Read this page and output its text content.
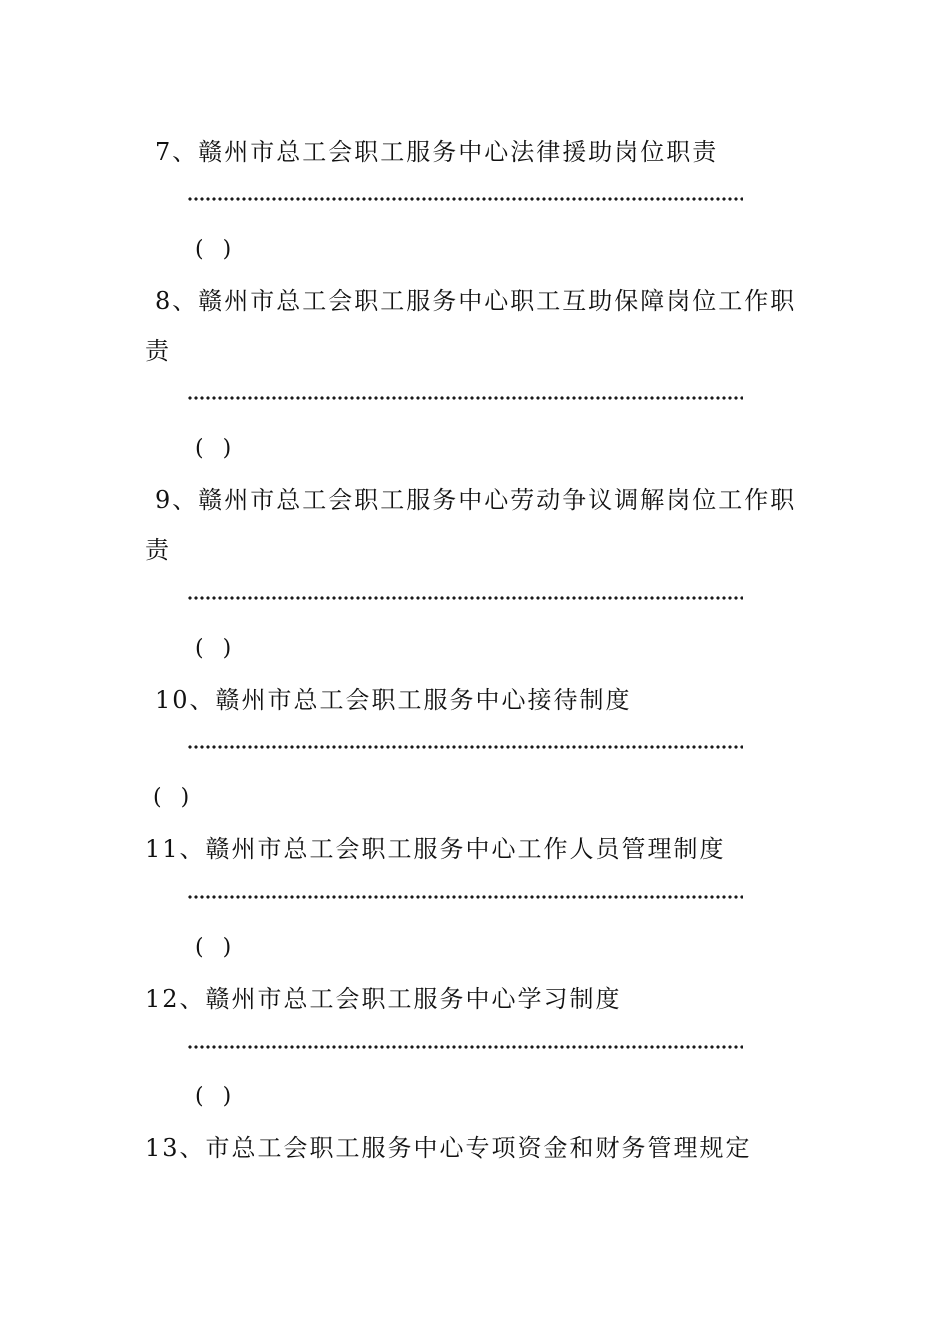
7、赣州市总工会职工服务中心法律援助岗位职责
( )
8、赣州市总工会职工服务中心职工互助保障岗位工作职
责
( )
9、赣州市总工会职工服务中心劳动争议调解岗位工作职
责
( )
10、赣州市总工会职工服务中心接待制度
( )
11、赣州市总工会职工服务中心工作人员管理制度
( )
12、赣州市总工会职工服务中心学习制度
( )
13、市总工会职工服务中心专项资金和财务管理规定
